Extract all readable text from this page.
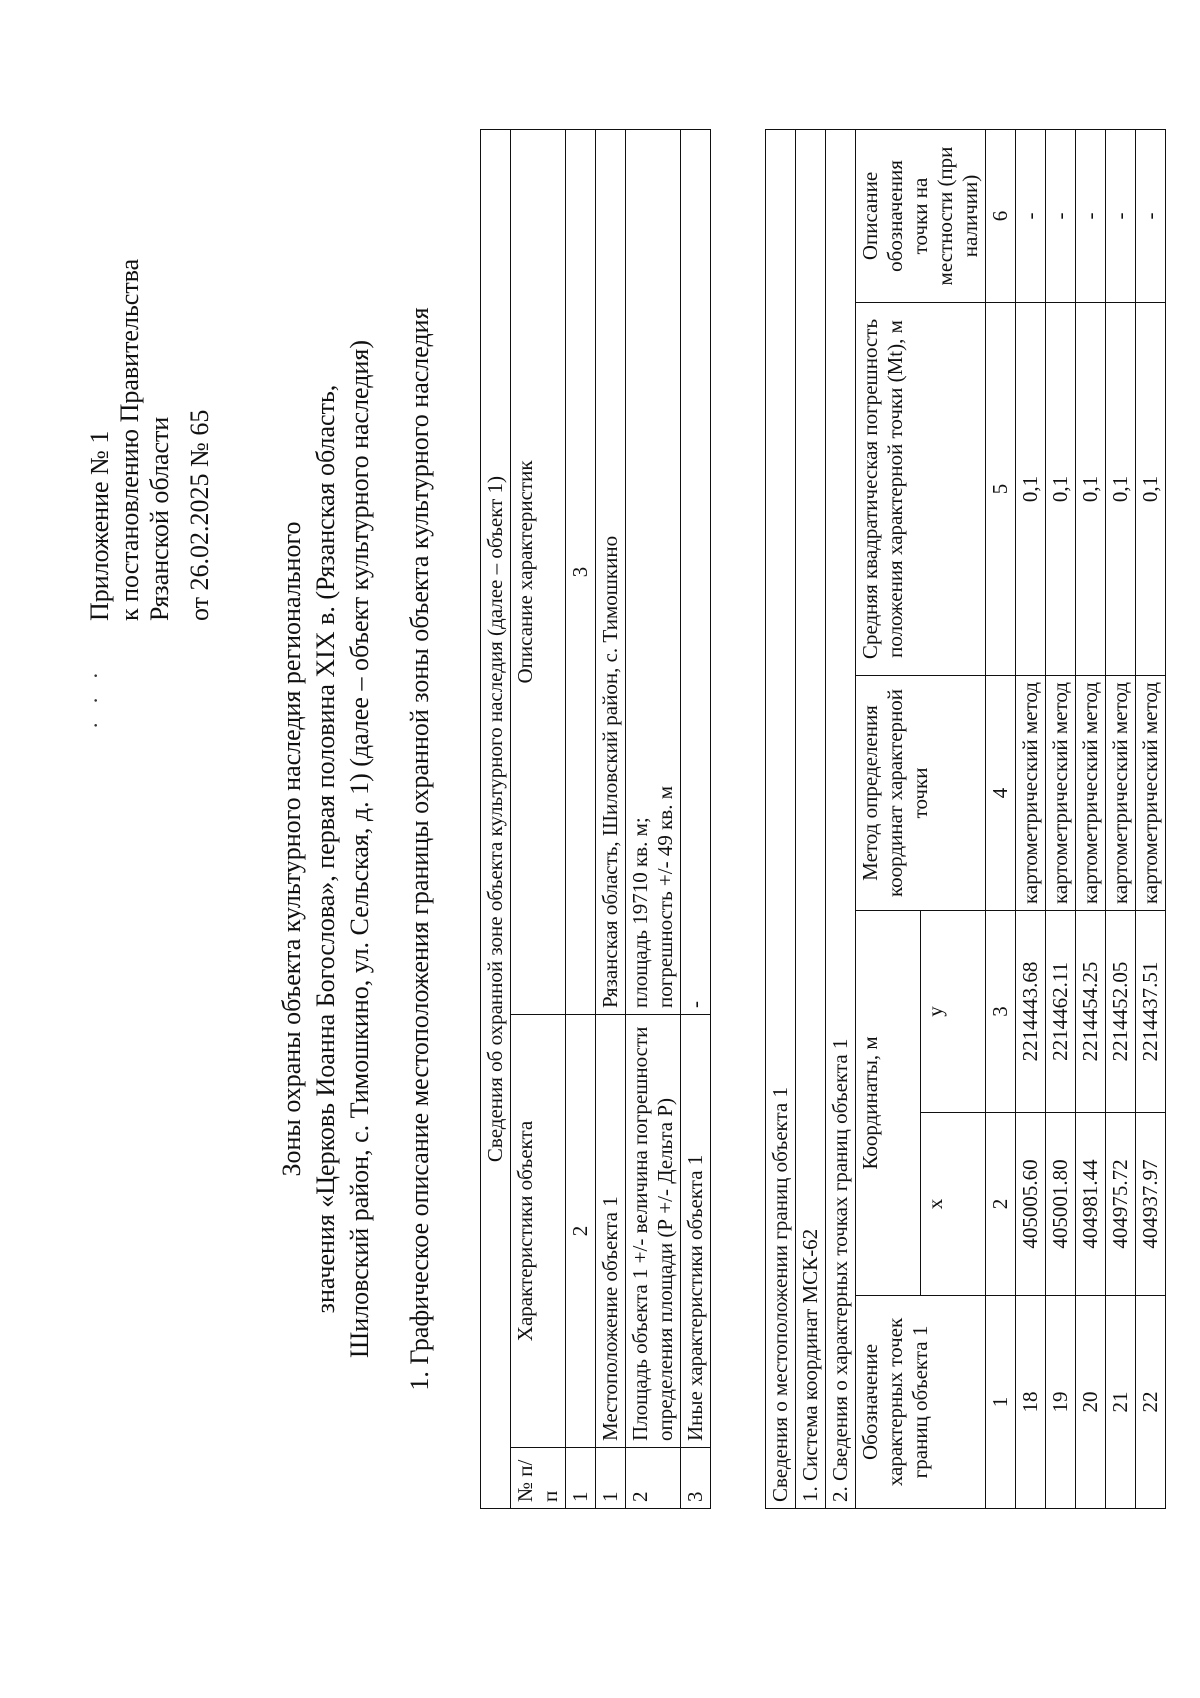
· · ·
Приложение № 1 к постановлению Правительства Рязанской области от 26.02.2025 № 65
Зоны охраны объекта культурного наследия регионального значения «Церковь Иоанна Богослова», первая половина XIX в. (Рязанская область, Шиловский район, с. Тимошкино, ул. Сельская, д. 1) (далее – объект культурного наследия) 1. Графическое описание местоположения границы охранной зоны объекта культурного наследия Сведения об охранной зоне объекта культурного наследия (далее – объект 1)		
№ п/п	Характеристики объекта	Описание характеристик
1	2	3
1	Местоположение объекта 1	Рязанская область, Шиловский район, с. Тимошкино
2	Площадь объекта 1 +/- величина погрешности определения площади (Р +/- Дельта Р)	площадь 19710 кв. м; погрешность +/- 49 кв. м

3	Иные характеристики объекта 1	-
Сведения о местоположении границ объекта 1					
1. Система координат МСК-62					
2. Сведения о характерных точках границ объекта 1					
Обозначение характерных точек границ объекта 1	Координаты, м		Метод определения координат характерной точки	Средняя квадратическая погрешность положения характерной точки (Mt), м	Описание обозначения точки на местности (при наличии)
	x	y			
1	2	3	4	5	6
18	405005.60	2214443.68	картометрический метод	0,1	-
19	405001.80	2214462.11	картометрический метод	0,1	-
20	404981.44	2214454.25	картометрический метод	0,1	-
21	404975.72	2214452.05	картометрический метод	0,1	-
22	404937.97	2214437.51	картометрический метод	0,1	-
